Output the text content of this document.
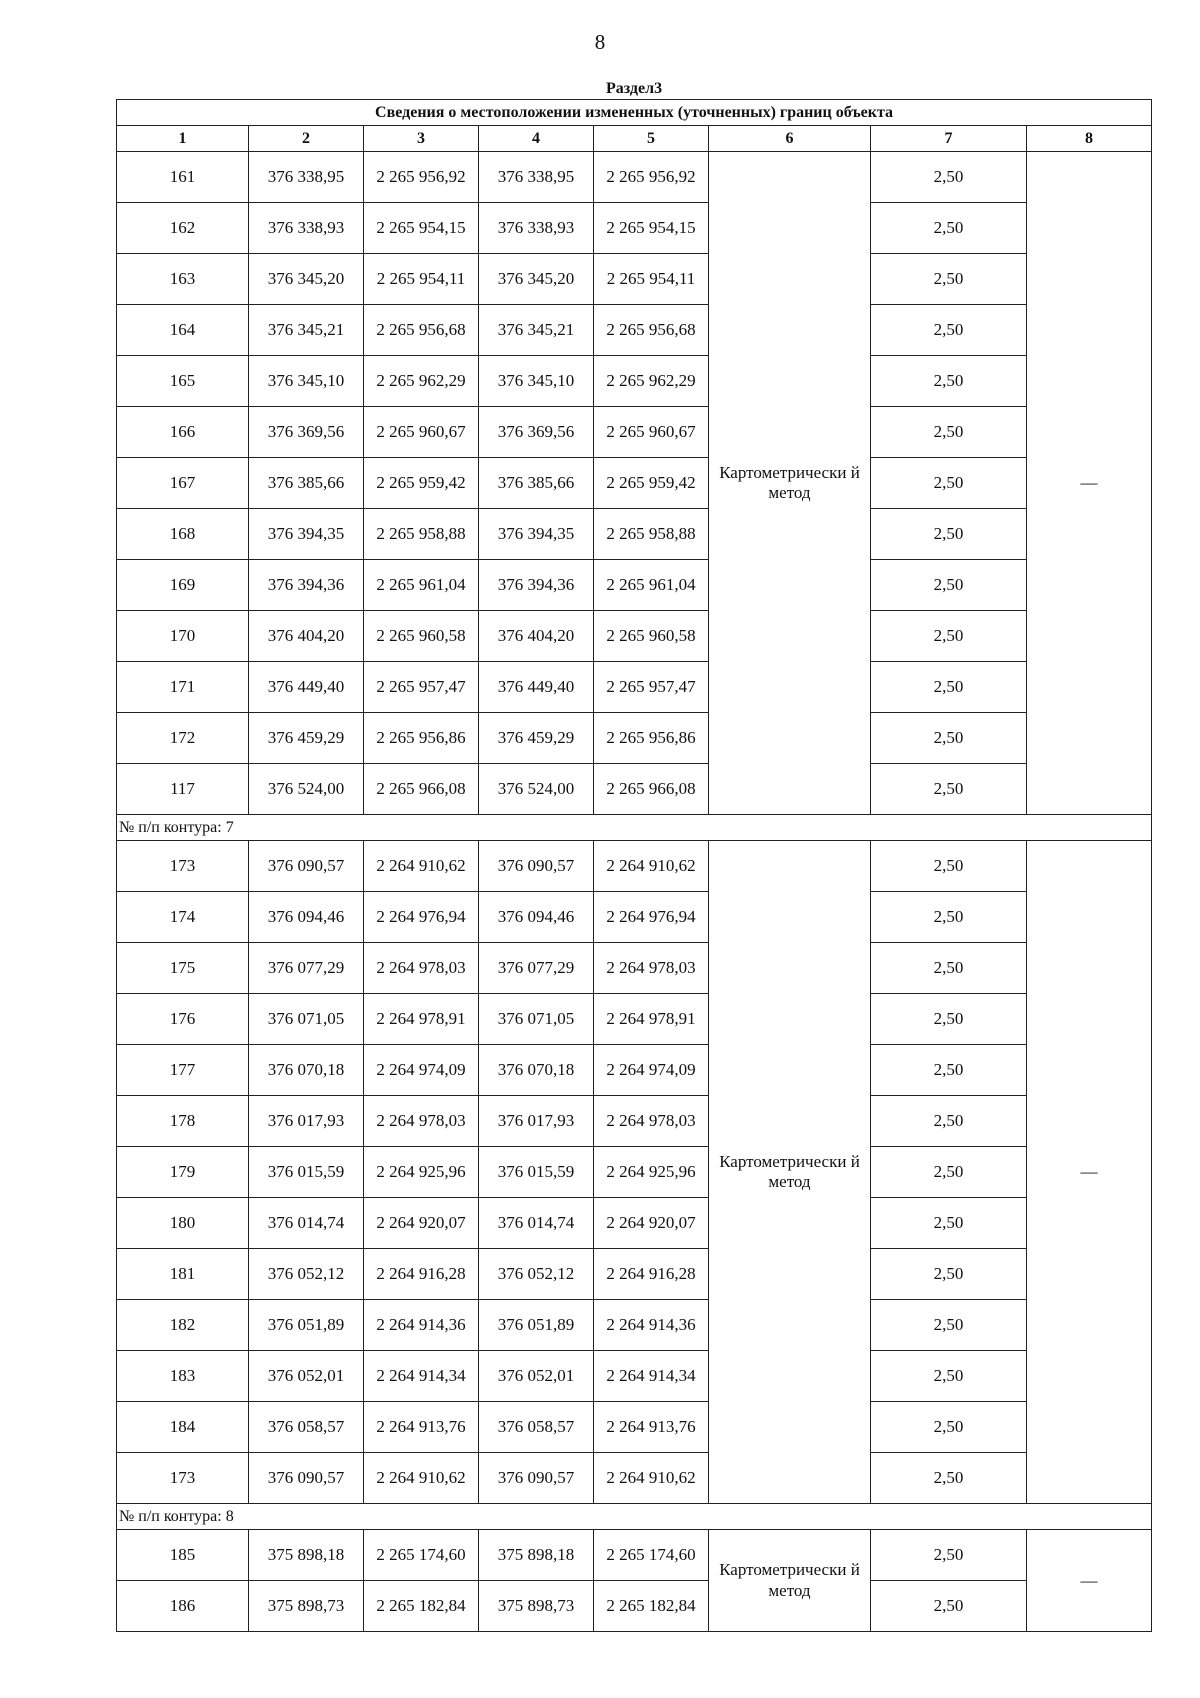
8
Раздел3							
Сведения о местоположении измененных (уточненных) границ объекта							
1	2	3	4	5	6	7	8
161	376 338,95	2 265 956,92	376 338,95	2 265 956,92	Картометрически й метод	2,50	—
162	376 338,93	2 265 954,15	376 338,93	2 265 954,15		2,50	
163	376 345,20	2 265 954,11	376 345,20	2 265 954,11		2,50	
164	376 345,21	2 265 956,68	376 345,21	2 265 956,68		2,50	
165	376 345,10	2 265 962,29	376 345,10	2 265 962,29		2,50	
166	376 369,56	2 265 960,67	376 369,56	2 265 960,67		2,50	
167	376 385,66	2 265 959,42	376 385,66	2 265 959,42		2,50	
168	376 394,35	2 265 958,88	376 394,35	2 265 958,88		2,50	
169	376 394,36	2 265 961,04	376 394,36	2 265 961,04		2,50	
170	376 404,20	2 265 960,58	376 404,20	2 265 960,58		2,50	
171	376 449,40	2 265 957,47	376 449,40	2 265 957,47		2,50	
172	376 459,29	2 265 956,86	376 459,29	2 265 956,86		2,50	
117	376 524,00	2 265 966,08	376 524,00	2 265 966,08		2,50	
№ п/п контура: 7							
173	376 090,57	2 264 910,62	376 090,57	2 264 910,62	Картометрически й метод	2,50	—
174	376 094,46	2 264 976,94	376 094,46	2 264 976,94		2,50	
175	376 077,29	2 264 978,03	376 077,29	2 264 978,03		2,50	
176	376 071,05	2 264 978,91	376 071,05	2 264 978,91		2,50	
177	376 070,18	2 264 974,09	376 070,18	2 264 974,09		2,50	
178	376 017,93	2 264 978,03	376 017,93	2 264 978,03		2,50	
179	376 015,59	2 264 925,96	376 015,59	2 264 925,96		2,50	
180	376 014,74	2 264 920,07	376 014,74	2 264 920,07		2,50	
181	376 052,12	2 264 916,28	376 052,12	2 264 916,28		2,50	
182	376 051,89	2 264 914,36	376 051,89	2 264 914,36		2,50	
183	376 052,01	2 264 914,34	376 052,01	2 264 914,34		2,50	
184	376 058,57	2 264 913,76	376 058,57	2 264 913,76		2,50	
173	376 090,57	2 264 910,62	376 090,57	2 264 910,62		2,50	
№ п/п контура: 8							
185	375 898,18	2 265 174,60	375 898,18	2 265 174,60	Картометрически й метод	2,50	—
186	375 898,73	2 265 182,84	375 898,73	2 265 182,84		2,50	
